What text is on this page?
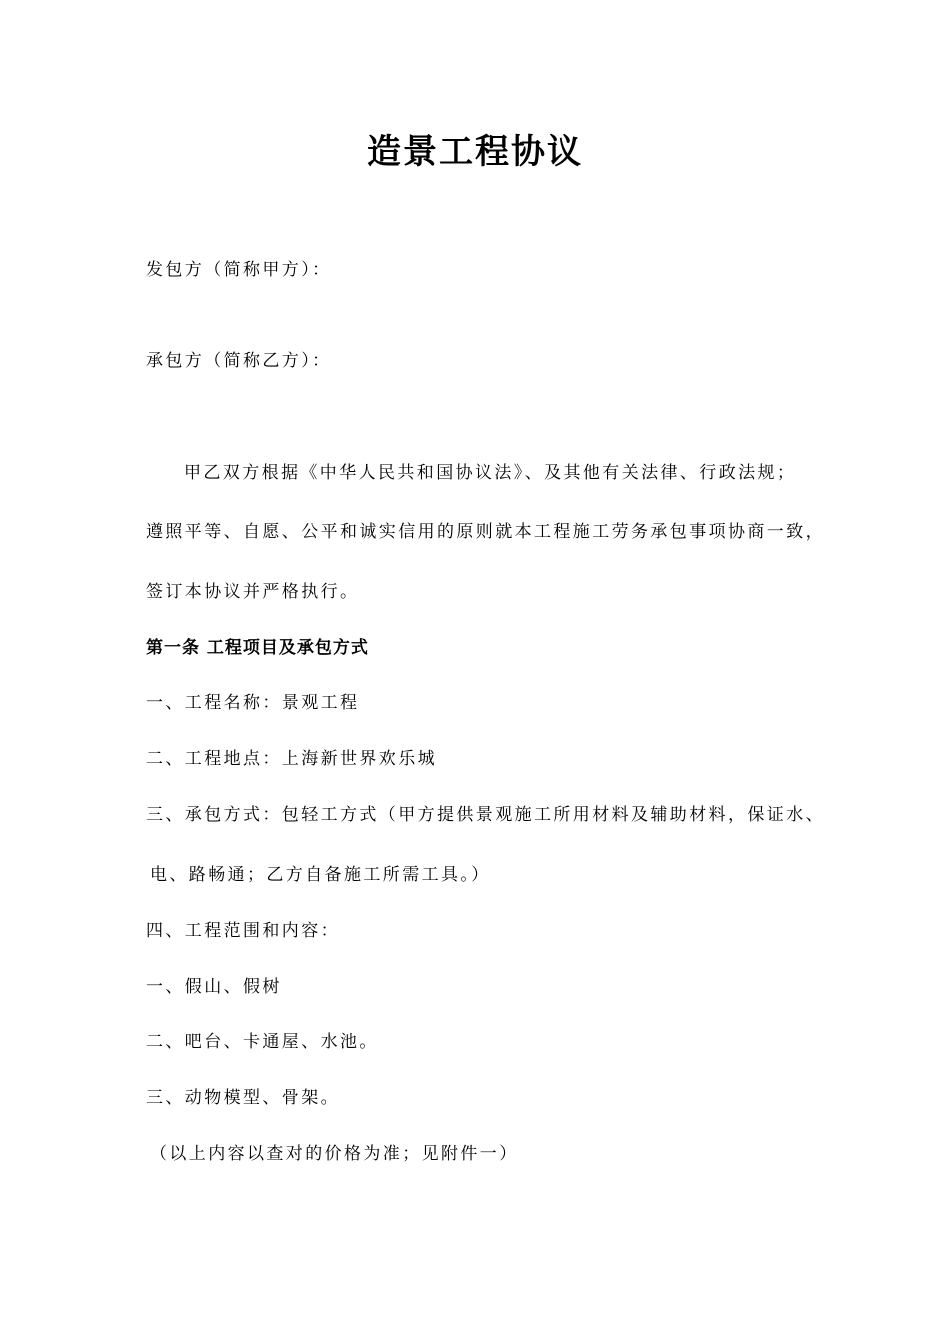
造景工程协议
发包方（简称甲方）：
承包方（简称乙方）：
甲乙双方根据《中华人民共和国协议法》、及其他有关法律、行政法规；
遵照平等、自愿、公平和诚实信用的原则就本工程施工劳务承包事项协商一致，
签订本协议并严格执行。
第一条 工程项目及承包方式
一、工程名称：景观工程
二、工程地点：上海新世界欢乐城
三、承包方式：包轻工方式（甲方提供景观施工所用材料及辅助材料，保证水、
电、路畅通；乙方自备施工所需工具。）
四、工程范围和内容：
一、假山、假树
二、吧台、卡通屋、水池。
三、动物模型、骨架。
（以上内容以查对的价格为准；见附件一）
